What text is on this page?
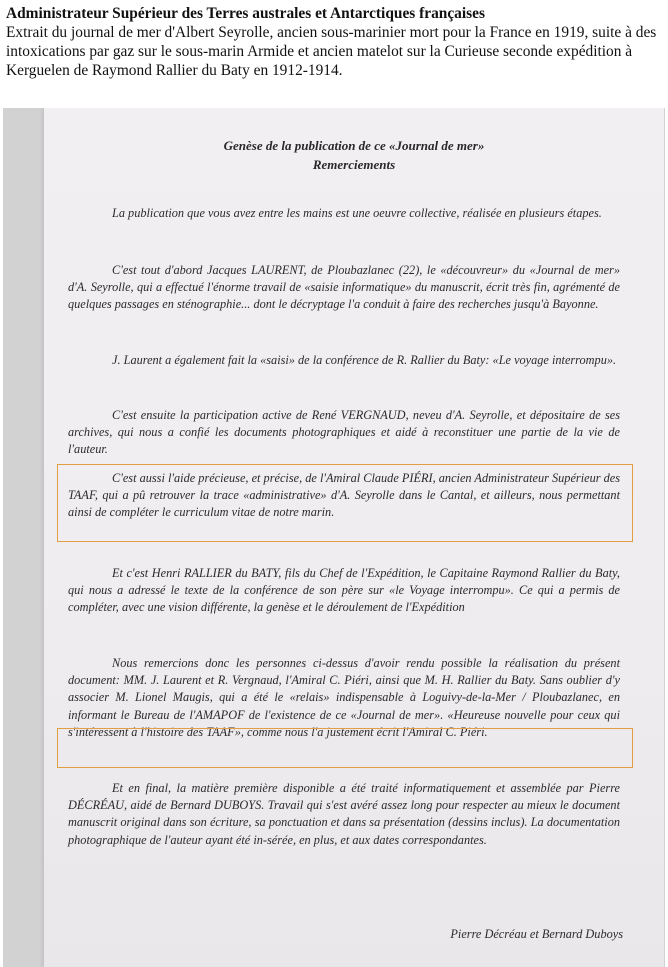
Administrateur Supérieur des Terres australes et Antarctiques françaises
Extrait du journal de mer d'Albert Seyrolle, ancien sous-marinier mort pour la France en 1919, suite à des intoxications par gaz sur le sous-marin Armide et ancien matelot sur la Curieuse seconde expédition à Kerguelen de Raymond Rallier du Baty en 1912-1914.
Genèse de la publication de ce «Journal de mer»
Remerciements

La publication que vous avez entre les mains est une oeuvre collective, réalisée en plusieurs étapes.

C'est tout d'abord Jacques LAURENT, de Ploubazlanec (22), le «découvreur» du «Journal de mer» d'A. Seyrolle, qui a effectué l'énorme travail de «saisie informatique» du manuscrit, écrit très fin, agrémenté de quelques passages en sténographie... dont le décryptage l'a conduit à faire des recherches jusqu'à Bayonne.

J. Laurent a également fait la «saisi» de la conférence de R. Rallier du Baty: «Le voyage interrompu».

C'est ensuite la participation active de René VERGNAUD, neveu d'A. Seyrolle, et dépositaire de ses archives, qui nous a confié les documents photographiques et aidé à reconstituer une partie de la vie de l'auteur.

C'est aussi l'aide précieuse, et précise, de l'Amiral Claude PIÉRI, ancien Administrateur Supérieur des TAAF, qui a pû retrouver la trace «administrative» d'A. Seyrolle dans le Cantal, et ailleurs, nous permettant ainsi de compléter le curriculum vitae de notre marin.

Et c'est Henri RALLIER du BATY, fils du Chef de l'Expédition, le Capitaine Raymond Rallier du Baty, qui nous a adressé le texte de la conférence de son père sur «le Voyage interrompu». Ce qui a permis de compléter, avec une vision différente, la genèse et le déroulement de l'Expédition

Nous remercions donc les personnes ci-dessus d'avoir rendu possible la réalisation du présent document: MM. J. Laurent et R. Vergnaud, l'Amiral C. Piéri, ainsi que M. H. Rallier du Baty. Sans oublier d'y associer M. Lionel Maugis, qui a été le «relais» indispensable à Loguivy-de-la-Mer / Ploubazlanec, en informant le Bureau de l'AMAPOF de l'existence de ce «Journal de mer». «Heureuse nouvelle pour ceux qui s'intéressent à l'histoire des TAAF», comme nous l'a justement écrit l'Amiral C. Piéri.

Et en final, la matière première disponible a été traité informatiquement et assemblée par Pierre DÉCRÉAU, aidé de Bernard DUBOYS. Travail qui s'est avéré assez long pour respecter au mieux le document manuscrit original dans son écriture, sa ponctuation et dans sa présentation (dessins inclus). La documentation photographique de l'auteur ayant été in-sérée, en plus, et aux dates correspondantes.

Pierre Décréau et Bernard Duboys
